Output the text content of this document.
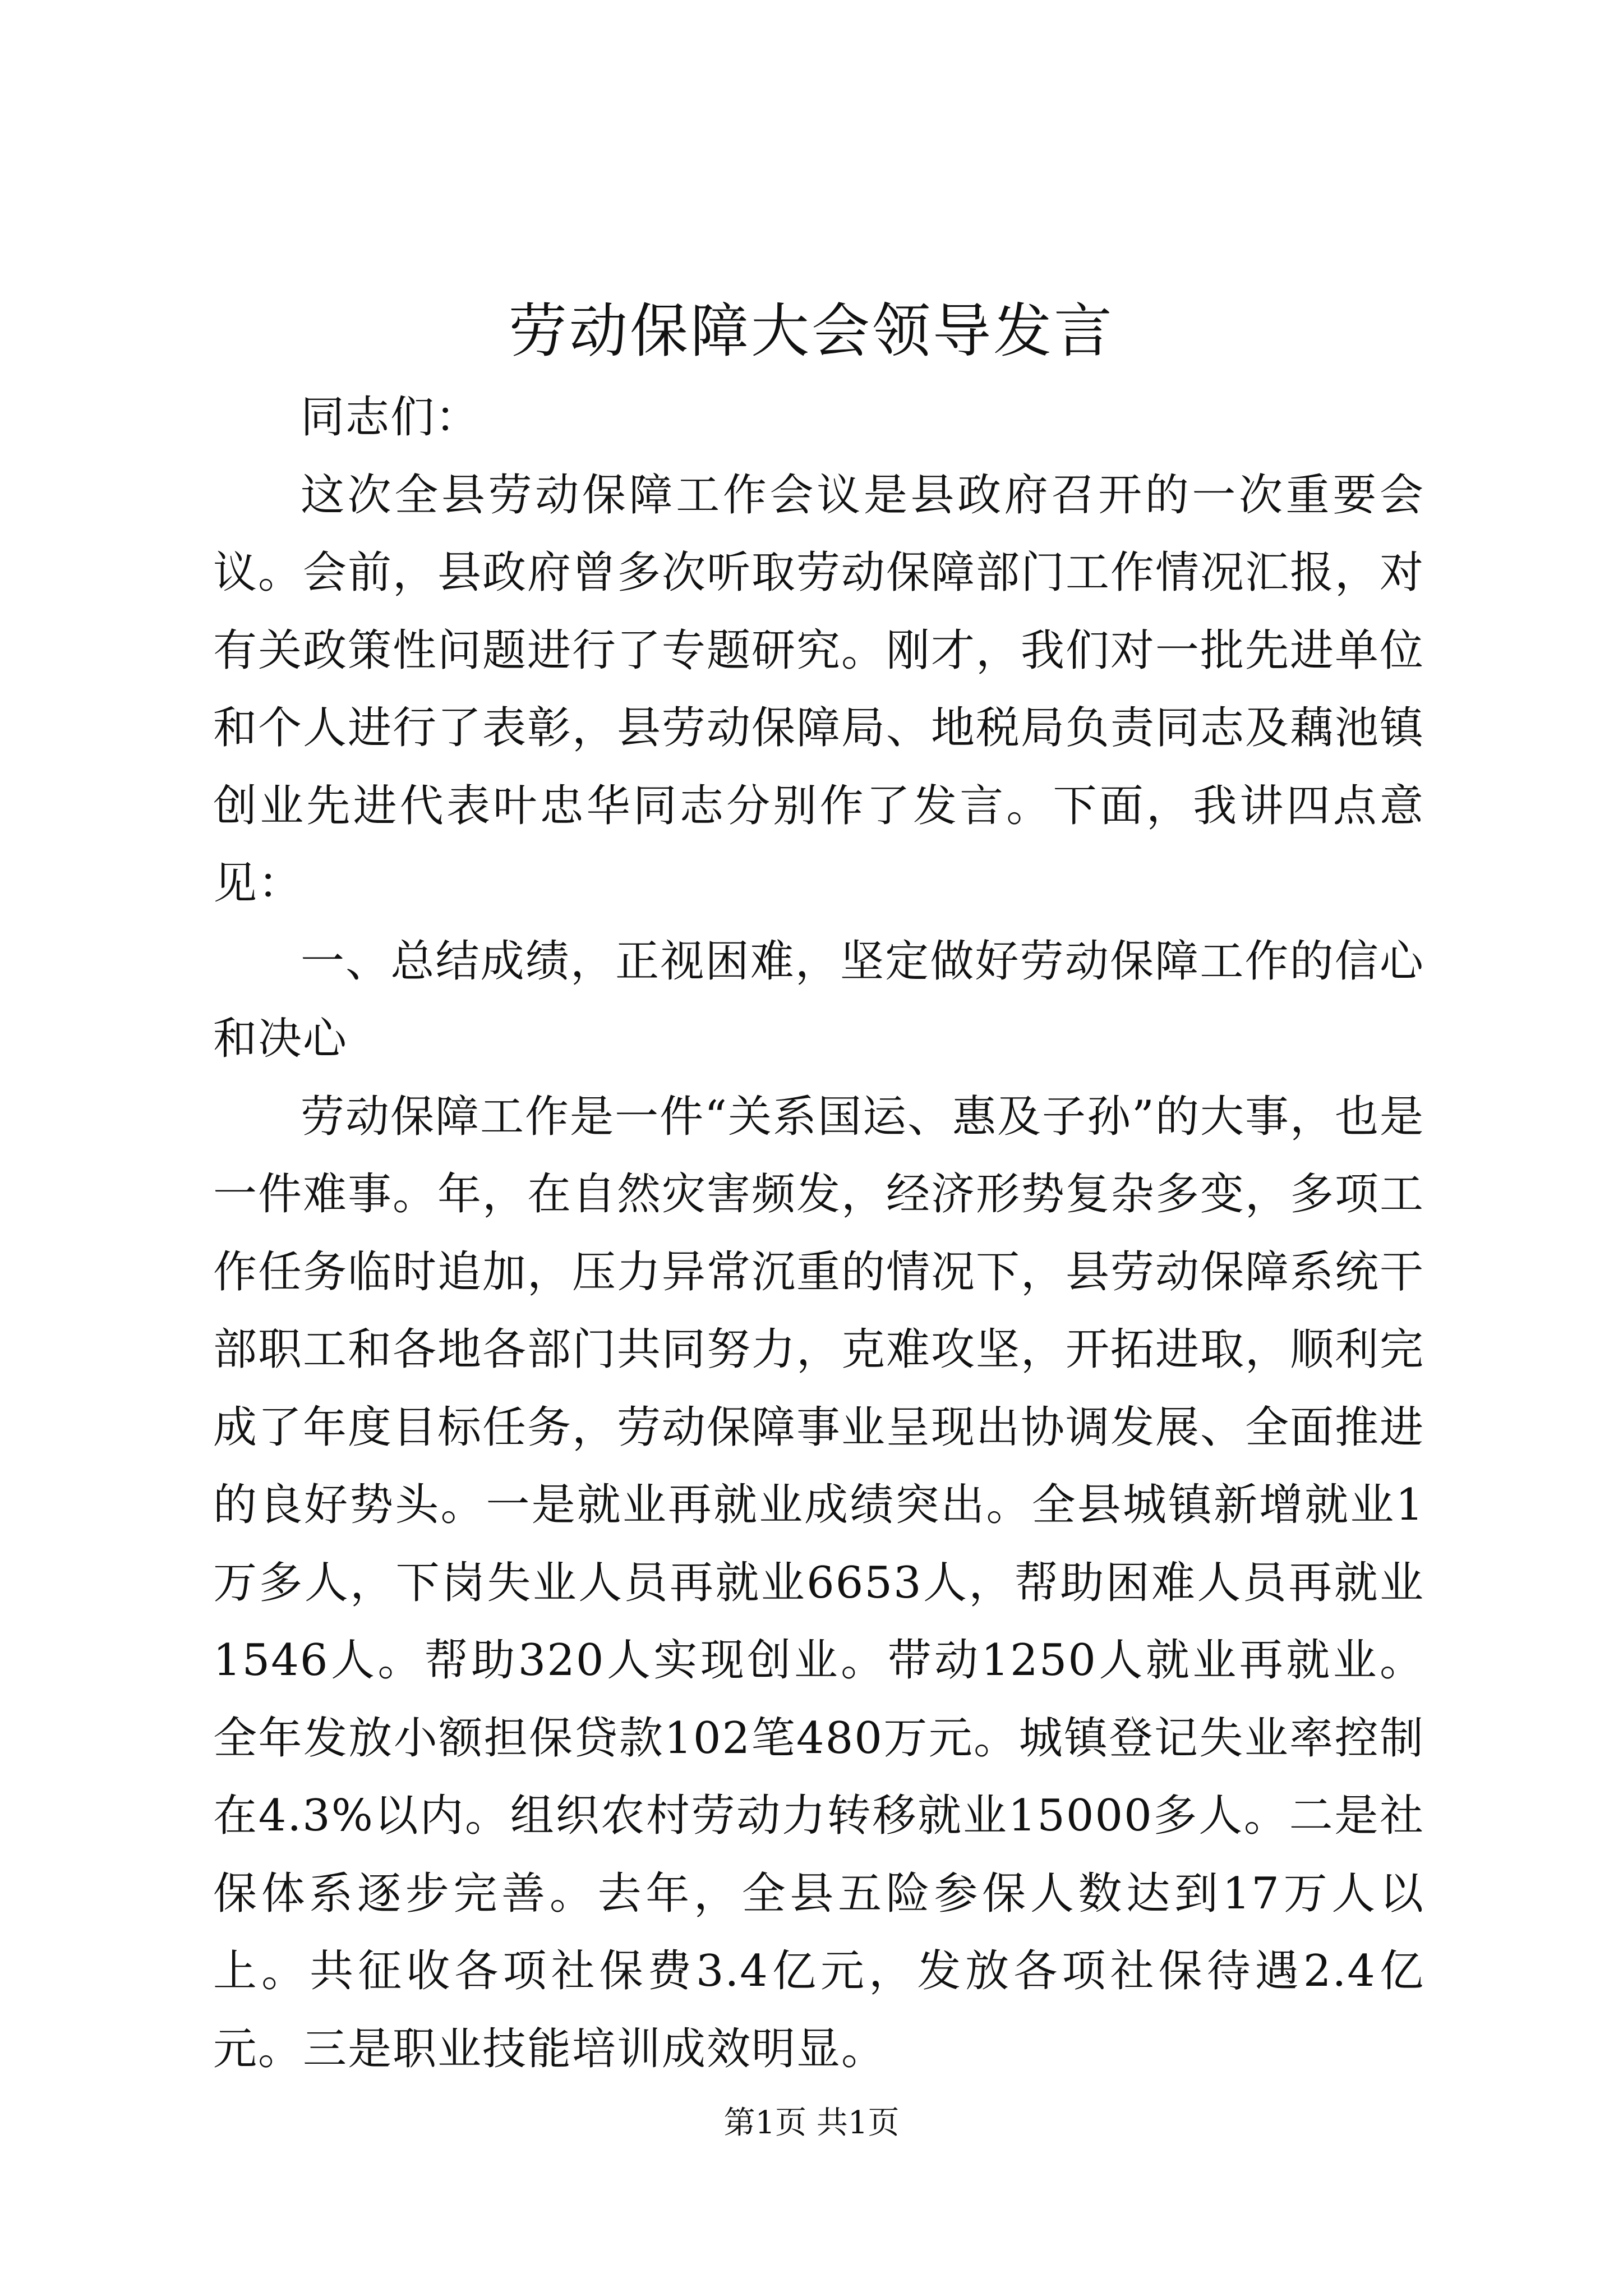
劳动保障大会领导发言

同志们：

这次全县劳动保障工作会议是县政府召开的一次重要会议。会前，县政府曾多次听取劳动保障部门工作情况汇报，对有关政策性问题进行了专题研究。刚才，我们对一批先进单位和个人进行了表彰，县劳动保障局、地税局负责同志及藕池镇创业先进代表叶忠华同志分别作了发言。下面，我讲四点意见：

一、总结成绩，正视困难，坚定做好劳动保障工作的信心和决心

劳动保障工作是一件“关系国运、惠及子孙”的大事，也是一件难事。年，在自然灾害频发，经济形势复杂多变，多项工作任务临时追加，压力异常沉重的情况下，县劳动保障系统干部职工和各地各部门共同努力，克难攻坚，开拓进取，顺利完成了年度目标任务，劳动保障事业呈现出协调发展、全面推进的良好势头。一是就业再就业成绩突出。全县城镇新增就业1万多人，下岗失业人员再就业6653人，帮助困难人员再就业1546人。帮助320人实现创业。带动1250人就业再就业。全年发放小额担保贷款102笔480万元。城镇登记失业率控制在4.3%以内。组织农村劳动力转移就业15000多人。二是社保体系逐步完善。去年，全县五险参保人数达到17万人以上。共征收各项社保费3.4亿元，发放各项社保待遇2.4亿元。三是职业技能培训成效明显。

第1页 共1页
